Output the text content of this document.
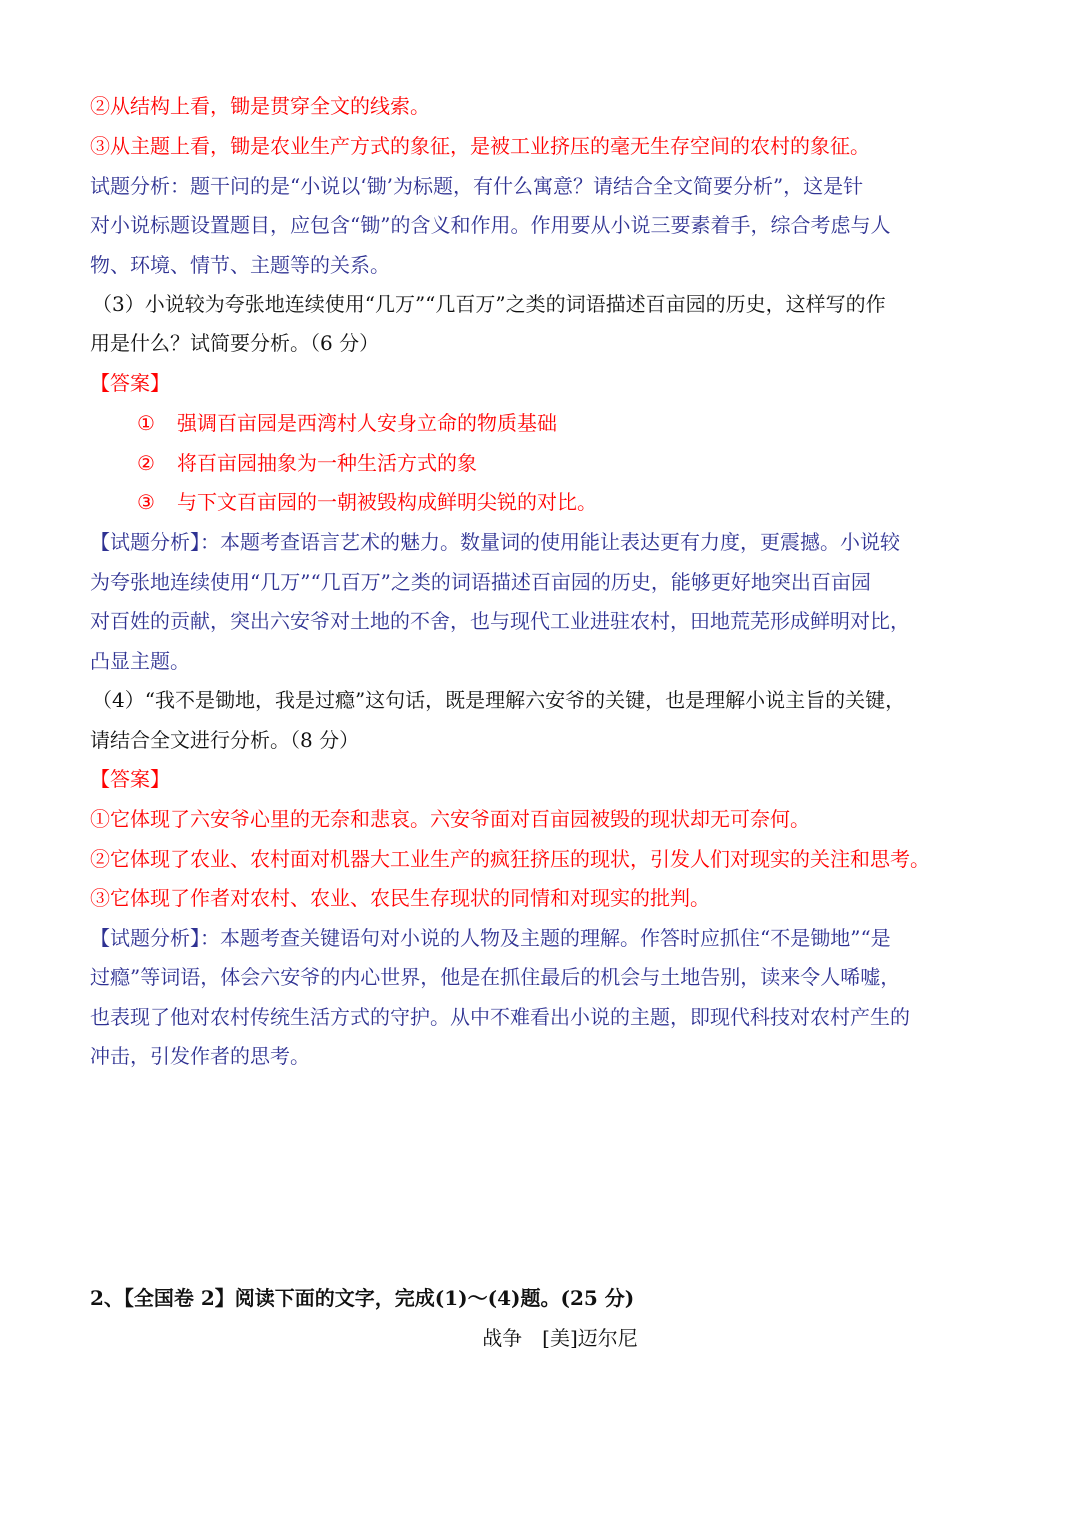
②从结构上看，锄是贯穿全文的线索。
③从主题上看，锄是农业生产方式的象征，是被工业挤压的毫无生存空间的农村的象征。
试题分析：题干问的是“小说以‘锄’为标题，有什么寓意？请结合全文简要分析”，这是针
对小说标题设置题目，应包含“锄”的含义和作用。作用要从小说三要素着手，综合考虑与人
物、环境、情节、主题等的关系。
（3）小说较为夸张地连续使用“几万”“几百万”之类的词语描述百亩园的历史，这样写的作
用是什么？试简要分析。（6 分）
【答案】
① 强调百亩园是西湾村人安身立命的物质基础
② 将百亩园抽象为一种生活方式的象
③ 与下文百亩园的一朝被毁构成鲜明尖锐的对比。
【试题分析】：本题考查语言艺术的魅力。数量词的使用能让表达更有力度，更震撼。小说较
为夸张地连续使用“几万”“几百万”之类的词语描述百亩园的历史，能够更好地突出百亩园
对百姓的贡献，突出六安爷对土地的不舍，也与现代工业进驻农村，田地荒芜形成鲜明对比，
凸显主题。
（4）“我不是锄地，我是过瘾”这句话，既是理解六安爷的关键，也是理解小说主旨的关键，
请结合全文进行分析。（8 分）
【答案】
①它体现了六安爷心里的无奈和悲哀。六安爷面对百亩园被毁的现状却无可奈何。
②它体现了农业、农村面对机器大工业生产的疯狂挤压的现状，引发人们对现实的关注和思考。
③它体现了作者对农村、农业、农民生存现状的同情和对现实的批判。
【试题分析】：本题考查关键语句对小说的人物及主题的理解。作答时应抓住“不是锄地”“是
过瘾”等词语，体会六安爷的内心世界，他是在抓住最后的机会与土地告别，读来令人唏嘘，
也表现了他对农村传统生活方式的守护。从中不难看出小说的主题，即现代科技对农村产生的
冲击，引发作者的思考。
2、【全国卷 2】阅读下面的文字，完成(1)～(4)题。(25 分)
战争　[美]迈尔尼
